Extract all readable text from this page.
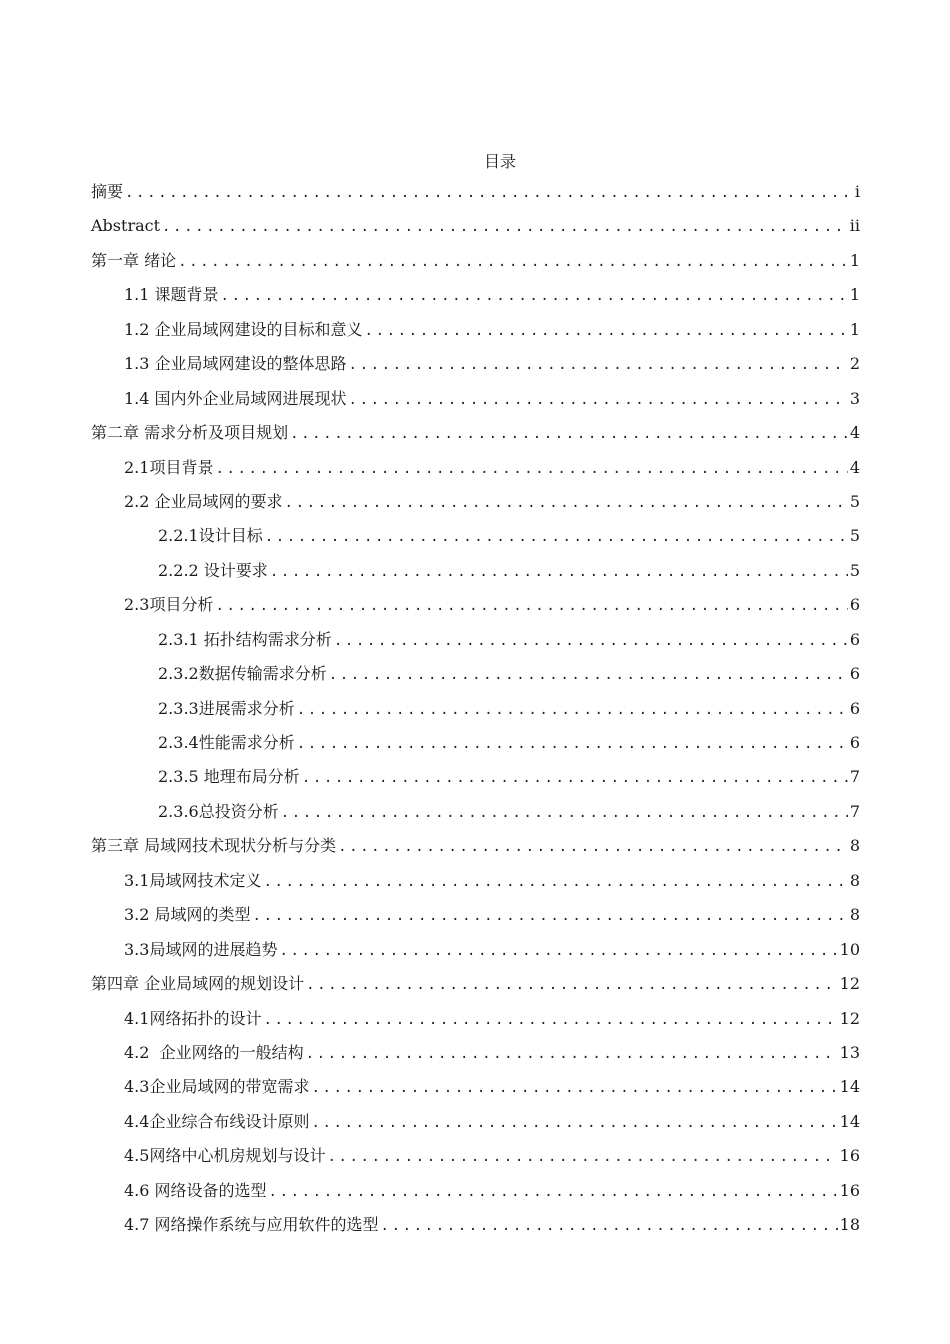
目录
摘要 .....	i
Abstract .....	ii
第一章 绪论 .....	1
1.1 课题背景 .....	1
1.2 企业局域网建设的目标和意义 .....	1
1.3 企业局域网建设的整体思路 .....	2
1.4 国内外企业局域网进展现状 .....	3
第二章 需求分析及项目规划 .....	4
2.1项目背景 .....	4
2.2 企业局域网的要求 .....	5
2.2.1设计目标 .....	5
2.2.2 设计要求 .....	5
2.3项目分析 .....	6
2.3.1 拓扑结构需求分析 .....	6
2.3.2数据传输需求分析 .....	6
2.3.3进展需求分析 .....	6
2.3.4性能需求分析 .....	6
2.3.5 地理布局分析 .....	7
2.3.6总投资分析 .....	7
第三章 局域网技术现状分析与分类 .....	8
3.1局域网技术定义 .....	8
3.2 局域网的类型 .....	8
3.3局域网的进展趋势 .....	10
第四章 企业局域网的规划设计 .....	12
4.1网络拓扑的设计 .....	12
4.2  企业网络的一般结构 .....	13
4.3企业局域网的带宽需求 .....	14
4.4企业综合布线设计原则 .....	14
4.5网络中心机房规划与设计 .....	16
4.6 网络设备的选型 .....	16
4.7 网络操作系统与应用软件的选型 .....	18
